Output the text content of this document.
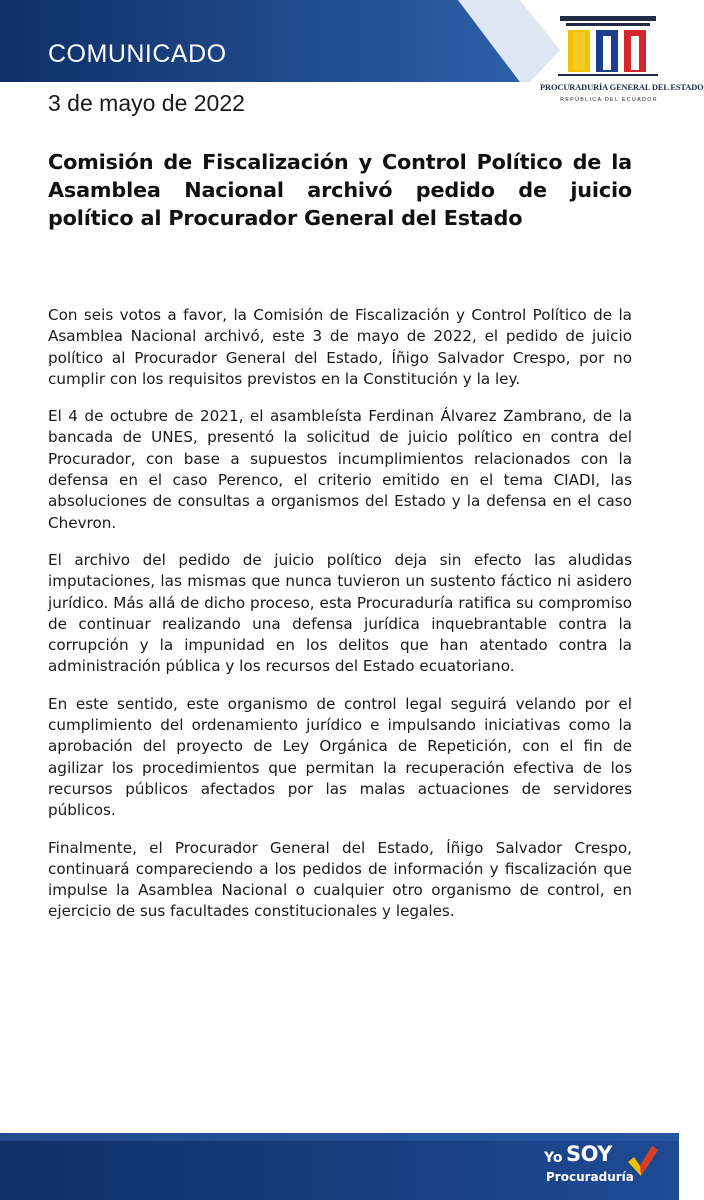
COMUNICADO
3 de mayo de 2022
PROCURADURÍA GENERAL DEL ESTADO
REPÚBLICA DEL ECUADOR
Comisión de Fiscalización y Control Político de la Asamblea Nacional archivó pedido de juicio político al Procurador General del Estado

Con seis votos a favor, la Comisión de Fiscalización y Control Político de la Asamblea Nacional archivó, este 3 de mayo de 2022, el pedido de juicio político al Procurador General del Estado, Íñigo Salvador Crespo, por no cumplir con los requisitos previstos en la Constitución y la ley.

El 4 de octubre de 2021, el asambleísta Ferdinan Álvarez Zambrano, de la bancada de UNES, presentó la solicitud de juicio político en contra del Procurador, con base a supuestos incumplimientos relacionados con la defensa en el caso Perenco, el criterio emitido en el tema CIADI, las absoluciones de consultas a organismos del Estado y la defensa en el caso Chevron.

El archivo del pedido de juicio político deja sin efecto las aludidas imputaciones, las mismas que nunca tuvieron un sustento fáctico ni asidero jurídico. Más allá de dicho proceso, esta Procuraduría ratifica su compromiso de continuar realizando una defensa jurídica inquebrantable contra la corrupción y la impunidad en los delitos que han atentado contra la administración pública y los recursos del Estado ecuatoriano.

En este sentido, este organismo de control legal seguirá velando por el cumplimiento del ordenamiento jurídico e impulsando iniciativas como la aprobación del proyecto de Ley Orgánica de Repetición, con el fin de agilizar los procedimientos que permitan la recuperación efectiva de los recursos públicos afectados por las malas actuaciones de servidores públicos.

Finalmente, el Procurador General del Estado, Íñigo Salvador Crespo, continuará compareciendo a los pedidos de información y fiscalización que impulse la Asamblea Nacional o cualquier otro organismo de control, en ejercicio de sus facultades constitucionales y legales.

Yo SOY
Procuraduría
